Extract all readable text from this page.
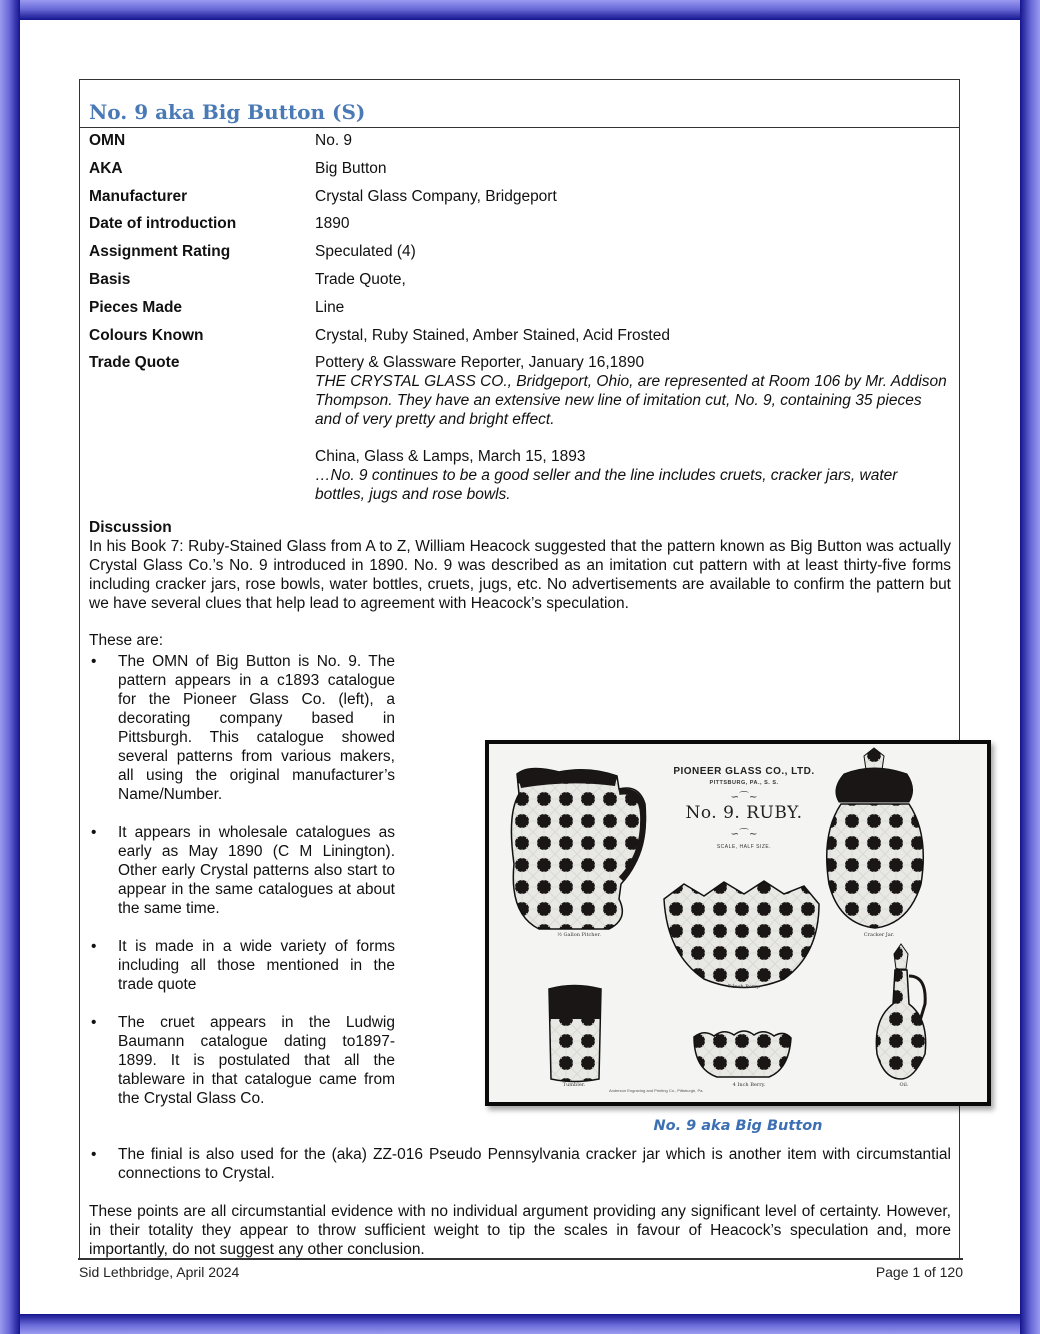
No. 9 aka Big Button (S)
OMN	No. 9
AKA	Big Button
Manufacturer	Crystal Glass Company, Bridgeport
Date of introduction	1890
Assignment Rating	Speculated (4)
Basis	Trade Quote,
Pieces Made	Line
Colours Known	Crystal, Ruby Stained, Amber Stained, Acid Frosted
Trade Quote	Pottery & Glassware Reporter, January 16,1890
THE CRYSTAL GLASS CO., Bridgeport, Ohio, are represented at Room 106 by Mr. Addison Thompson. They have an extensive new line of imitation cut, No. 9, containing 35 pieces and of very pretty and bright effect.
China, Glass & Lamps, March 15, 1893
…No. 9 continues to be a good seller and the line includes cruets, cracker jars, water bottles, jugs and rose bowls.
Discussion

In his Book 7: Ruby-Stained Glass from A to Z, William Heacock suggested that the pattern known as Big Button was actually Crystal Glass Co.’s No. 9 introduced in 1890. No. 9 was described as an imitation cut pattern with at least thirty-five forms including cracker jars, rose bowls, water bottles, cruets, jugs, etc. No advertisements are available to confirm the pattern but we have several clues that help lead to agreement with Heacock’s speculation.

These are:

•	The OMN of Big Button is No. 9. The pattern appears in a c1893 catalogue for the Pioneer Glass Co. (left), a decorating company based in Pittsburgh. This catalogue showed several patterns from various makers, all using the original manufacturer’s Name/Number.
•	It appears in wholesale catalogues as early as May 1890 (C M Linington). Other early Crystal patterns also start to appear in the same catalogues at about the same time.
•	It is made in a wide variety of forms including all those mentioned in the trade quote
•	The cruet appears in the Ludwig Baumann catalogue dating to1897-1899. It is postulated that all the tableware in that catalogue came from the Crystal Glass Co.
•	The finial is also used for the (aka) ZZ-016 Pseudo Pennsylvania cracker jar which is another item with circumstantial connections to Crystal.

These points are all circumstantial evidence with no individual argument providing any significant level of certainty. However, in their totality they appear to throw sufficient weight to tip the scales in favour of Heacock’s speculation and, more importantly, do not suggest any other conclusion.

PIONEER GLASS CO., LTD.
PITTSBURG, PA., S. S.
∽⌒∼
No. 9. RUBY.
∽⌒∼
SCALE, HALF SIZE.
½ Gallon Pitcher.	Cracker Jar.
7 Inch Berry.
Tumbler.	4 Inch Berry.	Oil.
Anderson Engraving and Printing Co., Pittsburgh, Pa.
No. 9 aka Big Button
Sid Lethbridge, April 2024	Page 1 of 120
